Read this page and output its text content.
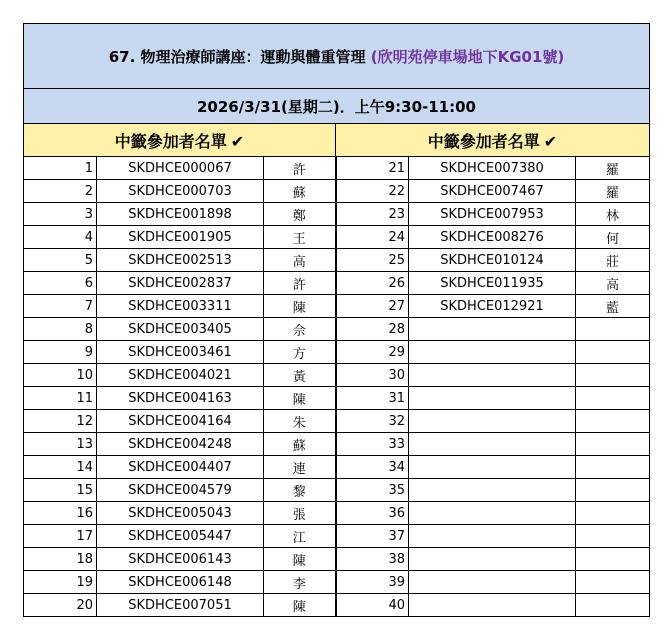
67. 物理治療師講座：運動與體重管理 (欣明苑停車場地下KG01號)					
2026/3/31(星期二)．上午9:30-11:00					
中籤參加者名單 ✔			中籤參加者名單 ✔		
1	SKDHCE000067	許	21	SKDHCE007380	羅
2	SKDHCE000703	蘇	22	SKDHCE007467	羅
3	SKDHCE001898	鄭	23	SKDHCE007953	林
4	SKDHCE001905	王	24	SKDHCE008276	何
5	SKDHCE002513	高	25	SKDHCE010124	莊
6	SKDHCE002837	許	26	SKDHCE011935	高
7	SKDHCE003311	陳	27	SKDHCE012921	藍
8	SKDHCE003405	佘	28		
9	SKDHCE003461	方	29		
10	SKDHCE004021	黃	30		
11	SKDHCE004163	陳	31		
12	SKDHCE004164	朱	32		
13	SKDHCE004248	蘇	33		
14	SKDHCE004407	連	34		
15	SKDHCE004579	黎	35		
16	SKDHCE005043	張	36		
17	SKDHCE005447	江	37		
18	SKDHCE006143	陳	38		
19	SKDHCE006148	李	39		
20	SKDHCE007051	陳	40		
